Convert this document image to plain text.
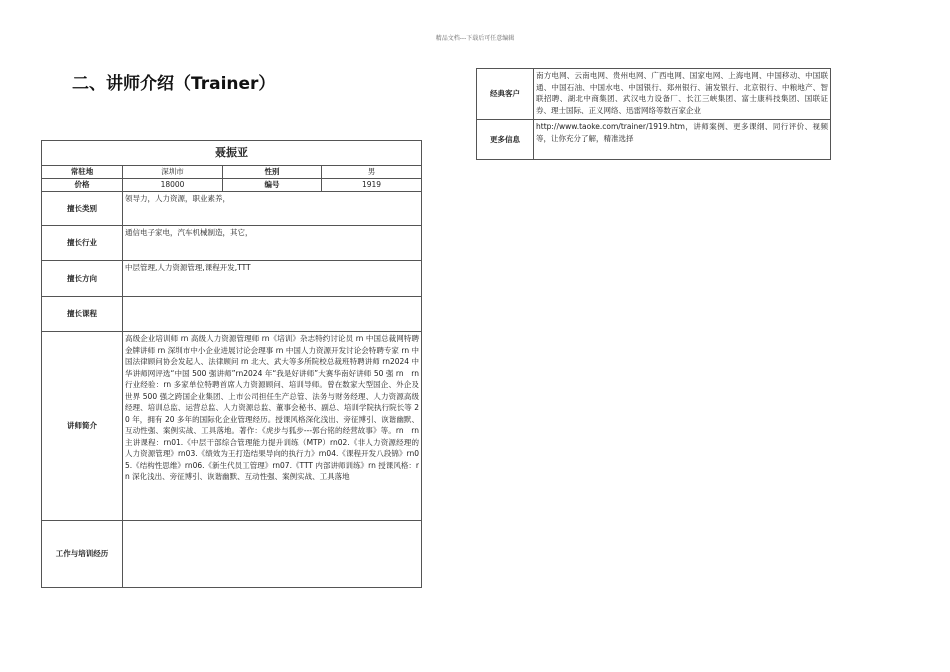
精品文档---下载后可任意编辑
二、讲师介绍（Trainer）
聂振亚			
常驻地	深圳市	性别	男
价格	18000	编号	1919
擅长类别	领导力，人力资源，职业素养，		
擅长行业	通信电子家电，汽车机械制造，其它，		
擅长方向	中层管理,人力资源管理,课程开发,TTT		
擅长课程			
讲师简介	高级企业培训师 rn 高级人力资源管理师 rn《培训》杂志特约讨论员 rn 中国总裁网特聘金牌讲师 rn 深圳市中小企业进展讨论会理事 rn 中国人力资源开发讨论会特聘专家 rn 中国法律顾问协会发起人、法律顾问 rn 北大、武大等多所院校总裁班特聘讲师 rn2024 中华讲师网评选“中国 500 强讲师”rn2024 年“我是好讲师”大赛华南好讲师 50 强 rn　rn 行业经验：rn 多家单位特聘首席人力资源顾问、培训导师。曾在数家大型国企、外企及世界 500 强之跨国企业集团、上市公司担任生产总管、法务与财务经理、人力资源高级经理、培训总监、运营总监、人力资源总监、董事会秘书、副总、培训学院执行院长等 20 年，拥有 20 多年的国际化企业管理经历。授课风格深化浅出、旁征博引、诙谐幽默、互动性强、案例实战、工具落地。著作：《虎步与狐步---郭台铭的经营故事》等。rn　rn 主讲课程：rn01.《中层干部综合管理能力提升训练（MTP）rn02.《非人力资源经理的人力资源管理》rn03.《绩效为王打造结果导向的执行力》rn04.《课程开发八段锦》rn05.《结构性思维》rn06.《新生代员工管理》rn07.《TTT 内部讲师训练》rn 授课风格：rn 深化浅出、旁征博引、诙谐幽默、互动性强、案例实战、工具落地		
工作与培训经历			
经典客户	南方电网、云南电网、贵州电网、广西电网、国家电网、上海电网、中国移动、中国联通、中国石油、中国水电、中国银行、郑州银行、浦发银行、北京银行、中粮地产、智联招聘、湖北中商集团、武汉电力设备厂、长江三峡集团、富士康科技集团、国联证券、理士国际、正义网络、迅雷网络等数百家企业
更多信息	http://www.taoke.com/trainer/1919.htm，讲师案例、更多课纲、同行评价、视频等，让你充分了解，精准选择
